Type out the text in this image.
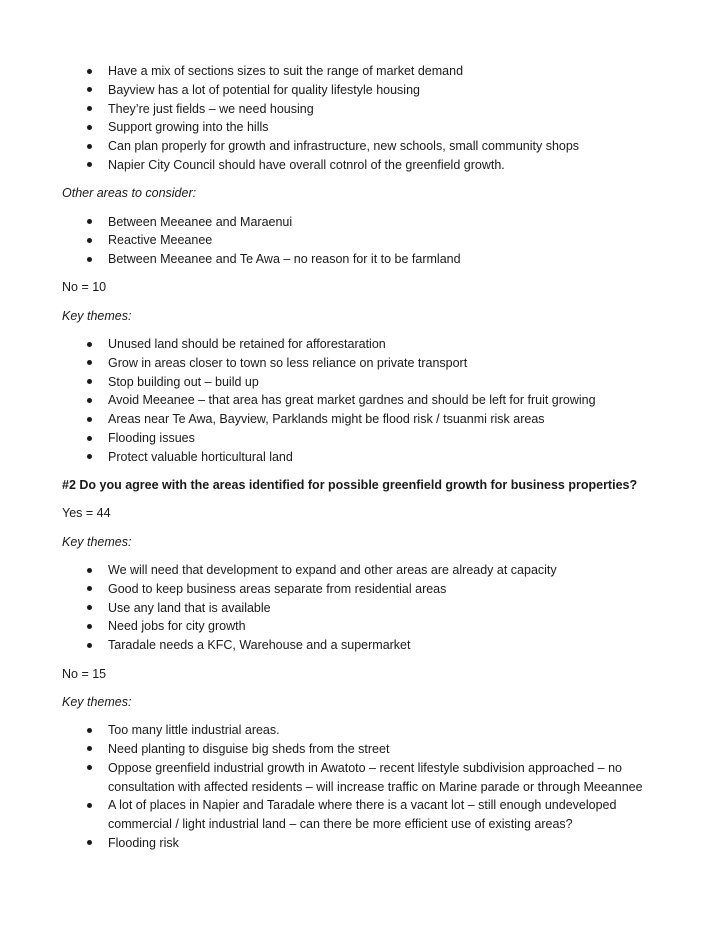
Have a mix of sections sizes to suit the range of market demand
Bayview has a lot of potential for quality lifestyle housing
They’re just fields – we need housing
Support growing into the hills
Can plan properly for growth and infrastructure, new schools, small community shops
Napier City Council should have overall cotnrol of the greenfield growth.
Other areas to consider:
Between Meeanee and Maraenui
Reactive Meeanee
Between Meeanee and Te Awa – no reason for it to be farmland
No = 10
Key themes:
Unused land should be retained for afforestaration
Grow in areas closer to town so less reliance on private transport
Stop building out – build up
Avoid Meeanee – that area has great market gardnes and should be left for fruit growing
Areas near Te Awa, Bayview, Parklands might be flood risk / tsuanmi risk areas
Flooding issues
Protect valuable horticultural land
#2 Do you agree with the areas identified for possible greenfield growth for business properties?
Yes = 44
Key themes:
We will need that development to expand and other areas are already at capacity
Good to keep business areas separate from residential areas
Use any land that is available
Need jobs for city growth
Taradale needs a KFC, Warehouse and a supermarket
No = 15
Key themes:
Too many little industrial areas.
Need planting to disguise big sheds from the street
Oppose greenfield industrial growth in Awatoto – recent lifestyle subdivision approached – no consultation with affected residents – will increase traffic on Marine parade or through Meeannee
A lot of places in Napier and Taradale where there is a vacant lot – still enough undeveloped commercial / light industrial land – can there be more efficient use of existing areas?
Flooding risk
